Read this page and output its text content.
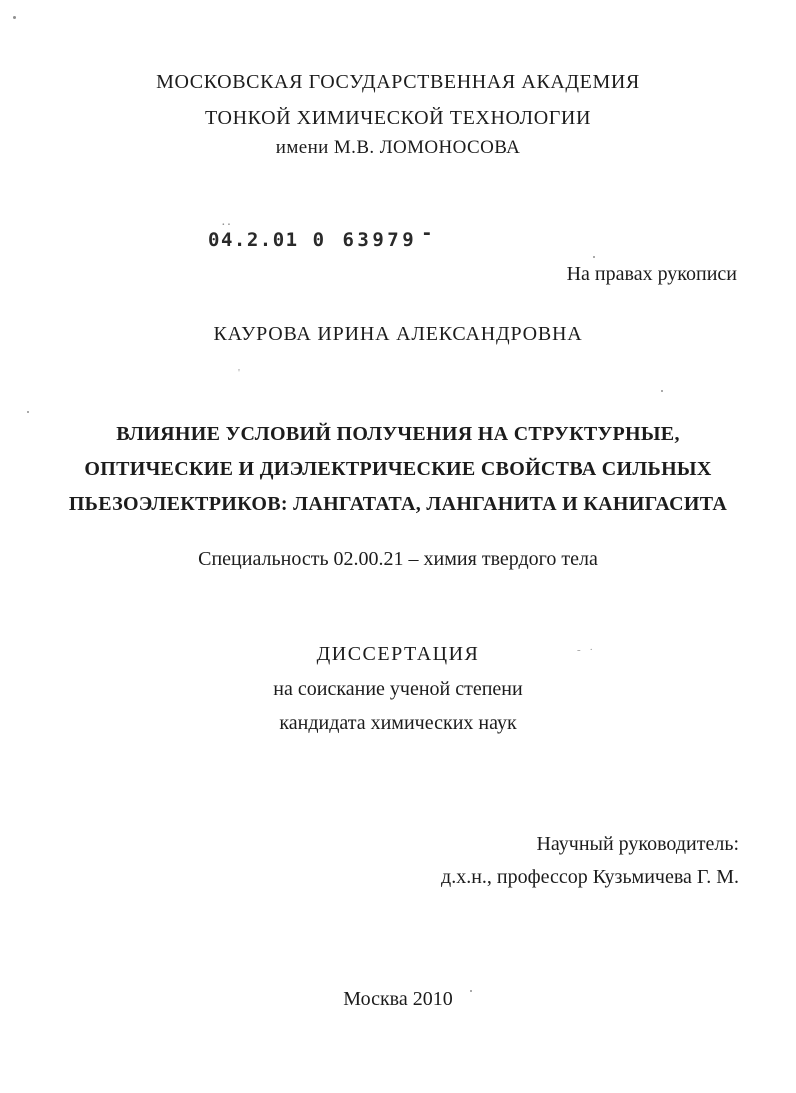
МОСКОВСКАЯ ГОСУДАРСТВЕННАЯ АКАДЕМИЯ
ТОНКОЙ ХИМИЧЕСКОЙ ТЕХНОЛОГИИ
имени М.В. ЛОМОНОСОВА
··
04.2.01 0 63979 -
На правах рукописи
КАУРОВА ИРИНА АЛЕКСАНДРОВНА
ВЛИЯНИЕ УСЛОВИЙ ПОЛУЧЕНИЯ НА СТРУКТУРНЫЕ,
ОПТИЧЕСКИЕ И ДИЭЛЕКТРИЧЕСКИЕ СВОЙСТВА СИЛЬНЫХ
ПЬЕЗОЭЛЕКТРИКОВ: ЛАНГАТАТА, ЛАНГАНИТА И КАНИГАСИТА
Специальность 02.00.21 – химия твердого тела
ДИССЕРТАЦИЯ
на соискание ученой степени
кандидата химических наук
Научный руководитель:
д.х.н., профессор Кузьмичева Г. М.
Москва 2010
'
- ·
